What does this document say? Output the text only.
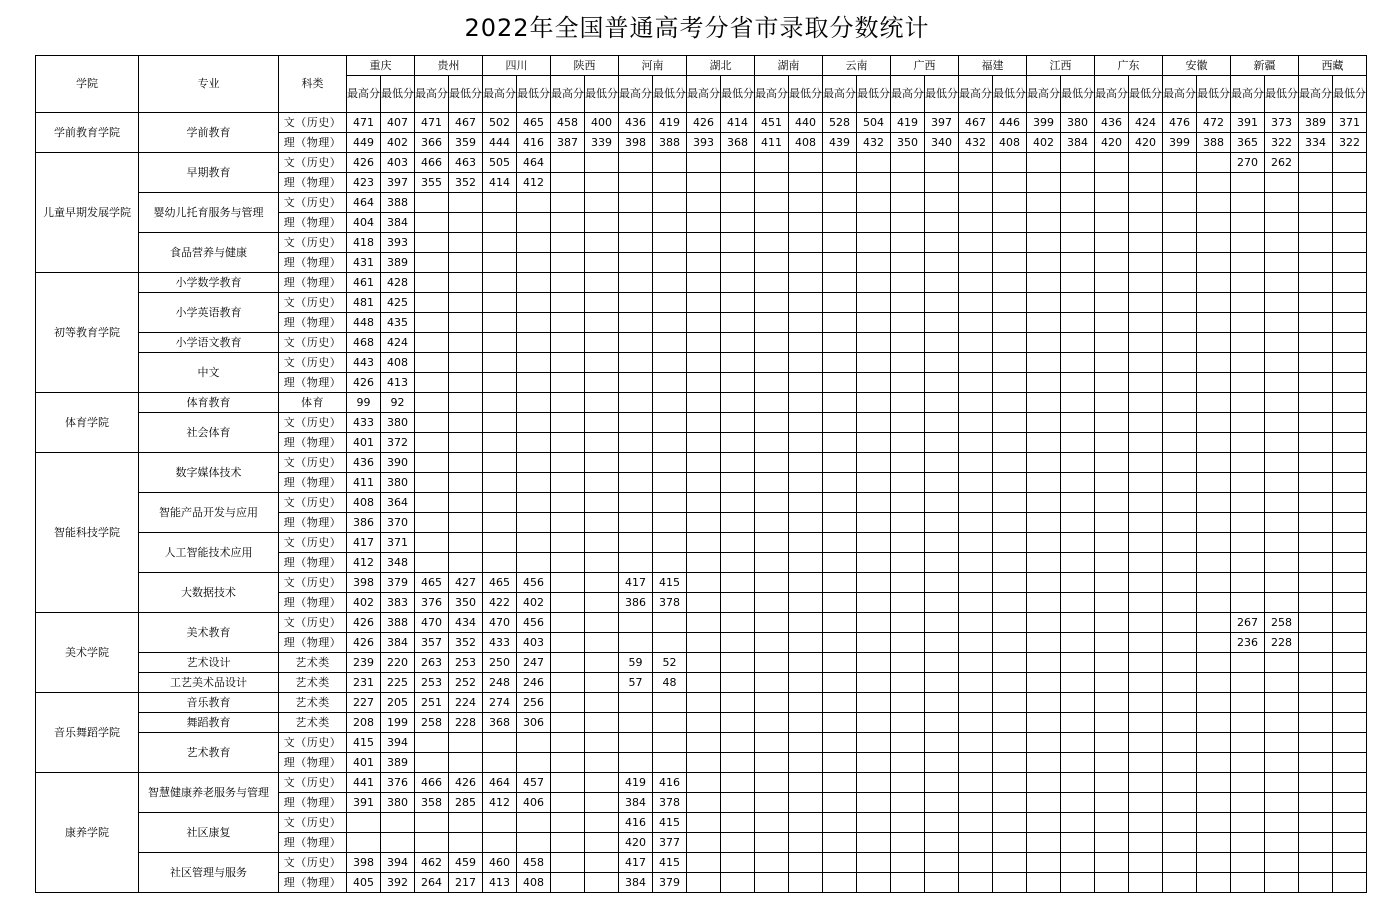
2022年全国普通高考分省市录取分数统计
学院	专业	科类	重庆		贵州		四川		陕西		河南		湖北		湖南		云南		广西		福建		江西		广东		安徽		新疆		西藏	
			最高分	最低分	最高分	最低分	最高分	最低分	最高分	最低分	最高分	最低分	最高分	最低分	最高分	最低分	最高分	最低分	最高分	最低分	最高分	最低分	最高分	最低分	最高分	最低分	最高分	最低分	最高分	最低分	最高分	最低分
学前教育学院	学前教育	文（历史）	471	407	471	467	502	465	458	400	436	419	426	414	451	440	528	504	419	397	467	446	399	380	436	424	476	472	391	373	389	371
		理（物理）	449	402	366	359	444	416	387	339	398	388	393	368	411	408	439	432	350	340	432	408	402	384	420	420	399	388	365	322	334	322
儿童早期发展学院	早期教育	文（历史）	426	403	466	463	505	464																					270	262		
		理（物理）	423	397	355	352	414	412																								
	婴幼儿托育服务与管理	文（历史）	464	388																												
		理（物理）	404	384																												
	食品营养与健康	文（历史）	418	393																												
		理（物理）	431	389																												
初等教育学院	小学数学教育	理（物理）	461	428																												
	小学英语教育	文（历史）	481	425																												
		理（物理）	448	435																												
	小学语文教育	文（历史）	468	424																												
	中文	文（历史）	443	408																												
		理（物理）	426	413																												
体育学院	体育教育	体育	99	92																												
	社会体育	文（历史）	433	380																												
		理（物理）	401	372																												
智能科技学院	数字媒体技术	文（历史）	436	390																												
		理（物理）	411	380																												
	智能产品开发与应用	文（历史）	408	364																												
		理（物理）	386	370																												
	人工智能技术应用	文（历史）	417	371																												
		理（物理）	412	348																												
	大数据技术	文（历史）	398	379	465	427	465	456			417	415																				
		理（物理）	402	383	376	350	422	402			386	378																				
美术学院	美术教育	文（历史）	426	388	470	434	470	456																					267	258		
		理（物理）	426	384	357	352	433	403																					236	228		
	艺术设计	艺术类	239	220	263	253	250	247			59	52																				
	工艺美术品设计	艺术类	231	225	253	252	248	246			57	48																				
音乐舞蹈学院	音乐教育	艺术类	227	205	251	224	274	256																								
	舞蹈教育	艺术类	208	199	258	228	368	306																								
	艺术教育	文（历史）	415	394																												
		理（物理）	401	389																												
康养学院	智慧健康养老服务与管理	文（历史）	441	376	466	426	464	457			419	416																				
		理（物理）	391	380	358	285	412	406			384	378																				
	社区康复	文（历史）									416	415																				
		理（物理）									420	377																				
	社区管理与服务	文（历史）	398	394	462	459	460	458			417	415																				
		理（物理）	405	392	264	217	413	408			384	379																				
